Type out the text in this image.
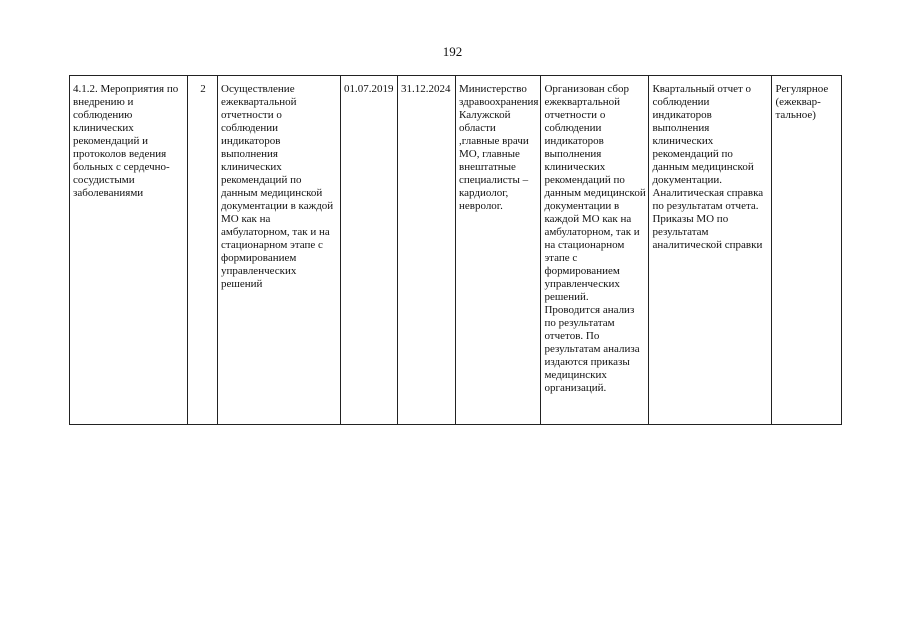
192
4.1.2. Мероприятия по внедрению и соблюдению клинических рекомендаций и протоколов ведения больных с сердечно-сосудистыми заболеваниями	2	Осуществление ежеквартальной отчетности о соблюдении индикаторов выполнения клинических рекомендаций по данным медицинской документации в каждой МО как на амбулаторном, так и на стационарном этапе с формированием управленческих решений	01.07.2019	31.12.2024	Министерство здравоохранения Калужской области ,главные врачи МО, главные внештатные специалисты – кардиолог, невролог.	Организован сбор ежеквартальной отчетности о соблюдении индикаторов выполнения клинических рекомендаций по данным медицинской документации в каждой МО как на амбулаторном, так и на стационарном этапе с формированием управленческих решений. Проводится анализ по результатам отчетов. По результатам анализа издаются приказы медицинских организаций.	Квартальный отчет о соблюдении индикаторов выполнения клинических рекомендаций по данным медицинской документации. Аналитическая справка по результатам отчета. Приказы МО по результатам аналитической справки	Регулярное (ежеквар-тальное)
